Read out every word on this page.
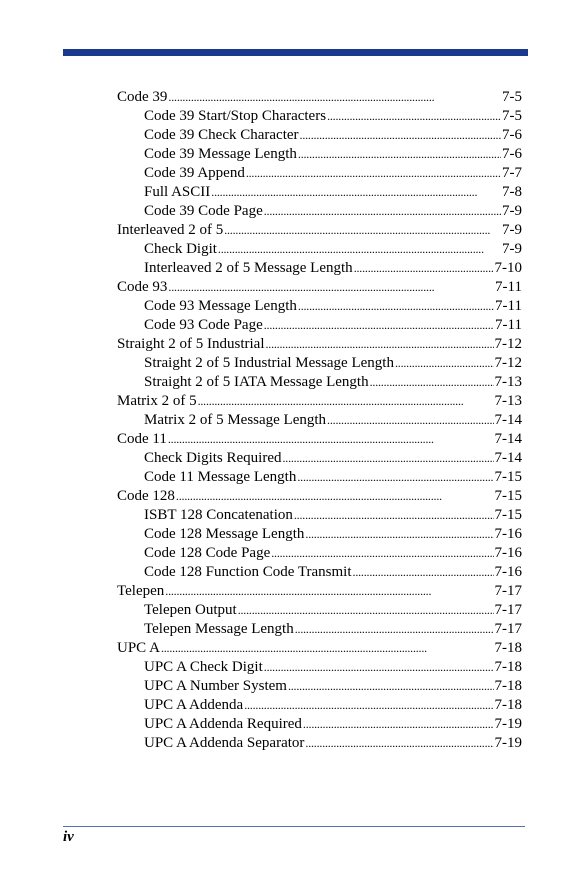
Code 39 . . .	7-5
Code 39 Start/Stop Characters . . .	7-5
Code 39 Check Character . . .	7-6
Code 39 Message Length . . .	7-6
Code 39 Append . . .	7-7
Full ASCII . . .	7-8
Code 39 Code Page . . .	7-9
Interleaved 2 of 5 . . .	7-9
Check Digit . . .	7-9
Interleaved 2 of 5 Message Length . . .	7-10
Code 93 . . .	7-11
Code 93 Message Length . . .	7-11
Code 93 Code Page . . .	7-11
Straight 2 of 5 Industrial . . .	7-12
Straight 2 of 5 Industrial Message Length . . .	7-12
Straight 2 of 5 IATA Message Length . . .	7-13
Matrix 2 of 5 . . .	7-13
Matrix 2 of 5 Message Length . . .	7-14
Code 11 . . .	7-14
Check Digits Required . . .	7-14
Code 11 Message Length . . .	7-15
Code 128 . . .	7-15
ISBT 128 Concatenation . . .	7-15
Code 128 Message Length . . .	7-16
Code 128 Code Page . . .	7-16
Code 128 Function Code Transmit . . .	7-16
Telepen . . .	7-17
Telepen Output . . .	7-17
Telepen Message Length . . .	7-17
UPC A . . .	7-18
UPC A Check Digit . . .	7-18
UPC A Number System . . .	7-18
UPC A Addenda . . .	7-18
UPC A Addenda Required . . .	7-19
UPC A Addenda Separator . . .	7-19
iv
